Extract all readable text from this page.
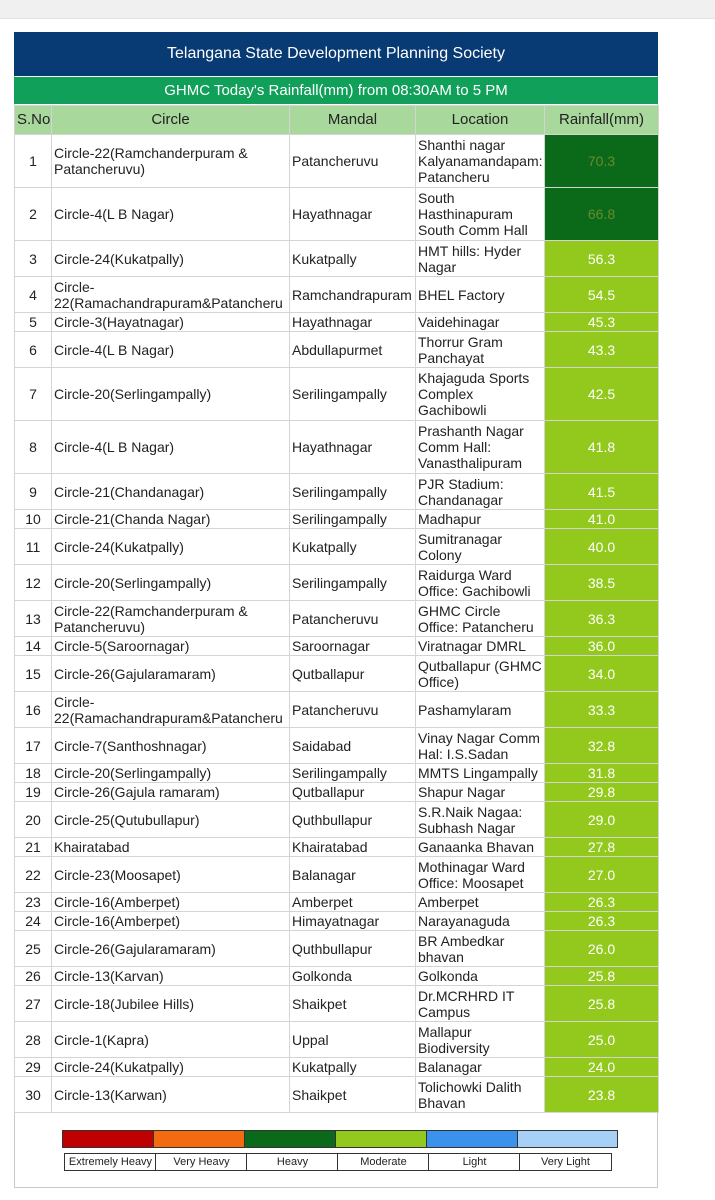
Telangana State Development Planning Society
GHMC Today's Rainfall(mm) from 08:30AM to 5 PM
S.No	Circle	Mandal	Location	Rainfall(mm)
1	Circle-22(Ramchanderpuram & Patancheruvu)	Patancheruvu	Shanthi nagar Kalyanamandapam: Patancheru	70.3
2	Circle-4(L B Nagar)	Hayathnagar	South Hasthinapuram South Comm Hall	66.8
3	Circle-24(Kukatpally)	Kukatpally	HMT hills: Hyder Nagar	56.3
4	Circle-22(Ramachandrapuram&Patancheru	Ramchandrapuram	BHEL Factory	54.5
5	Circle-3(Hayatnagar)	Hayathnagar	Vaidehinagar	45.3
6	Circle-4(L B Nagar)	Abdullapurmet	Thorrur Gram Panchayat	43.3
7	Circle-20(Serlingampally)	Serilingampally	Khajaguda Sports Complex Gachibowli	42.5
8	Circle-4(L B Nagar)	Hayathnagar	Prashanth Nagar Comm Hall: Vanasthalipuram	41.8
9	Circle-21(Chandanagar)	Serilingampally	PJR Stadium: Chandanagar	41.5
10	Circle-21(Chanda Nagar)	Serilingampally	Madhapur	41.0
11	Circle-24(Kukatpally)	Kukatpally	Sumitranagar Colony	40.0
12	Circle-20(Serlingampally)	Serilingampally	Raidurga Ward Office: Gachibowli	38.5
13	Circle-22(Ramchanderpuram & Patancheruvu)	Patancheruvu	GHMC Circle Office: Patancheru	36.3
14	Circle-5(Saroornagar)	Saroornagar	Viratnagar DMRL	36.0
15	Circle-26(Gajularamaram)	Qutballapur	Qutballapur (GHMC Office)	34.0
16	Circle-22(Ramachandrapuram&Patancheru	Patancheruvu	Pashamylaram	33.3
17	Circle-7(Santhoshnagar)	Saidabad	Vinay Nagar Comm Hal: I.S.Sadan	32.8
18	Circle-20(Serlingampally)	Serilingampally	MMTS Lingampally	31.8
19	Circle-26(Gajula ramaram)	Qutballapur	Shapur Nagar	29.8
20	Circle-25(Qutubullapur)	Quthbullapur	S.R.Naik Nagaa: Subhash Nagar	29.0
21	Khairatabad	Khairatabad	Ganaanka Bhavan	27.8
22	Circle-23(Moosapet)	Balanagar	Mothinagar Ward Office: Moosapet	27.0
23	Circle-16(Amberpet)	Amberpet	Amberpet	26.3
24	Circle-16(Amberpet)	Himayatnagar	Narayanaguda	26.3
25	Circle-26(Gajularamaram)	Quthbullapur	BR Ambedkar bhavan	26.0
26	Circle-13(Karvan)	Golkonda	Golkonda	25.8
27	Circle-18(Jubilee Hills)	Shaikpet	Dr.MCRHRD IT Campus	25.8
28	Circle-1(Kapra)	Uppal	Mallapur Biodiversity	25.0
29	Circle-24(Kukatpally)	Kukatpally	Balanagar	24.0
30	Circle-13(Karwan)	Shaikpet	Tolichowki Dalith Bhavan	23.8
Extremely Heavy	Very Heavy	Heavy	Moderate	Light	Very Light
